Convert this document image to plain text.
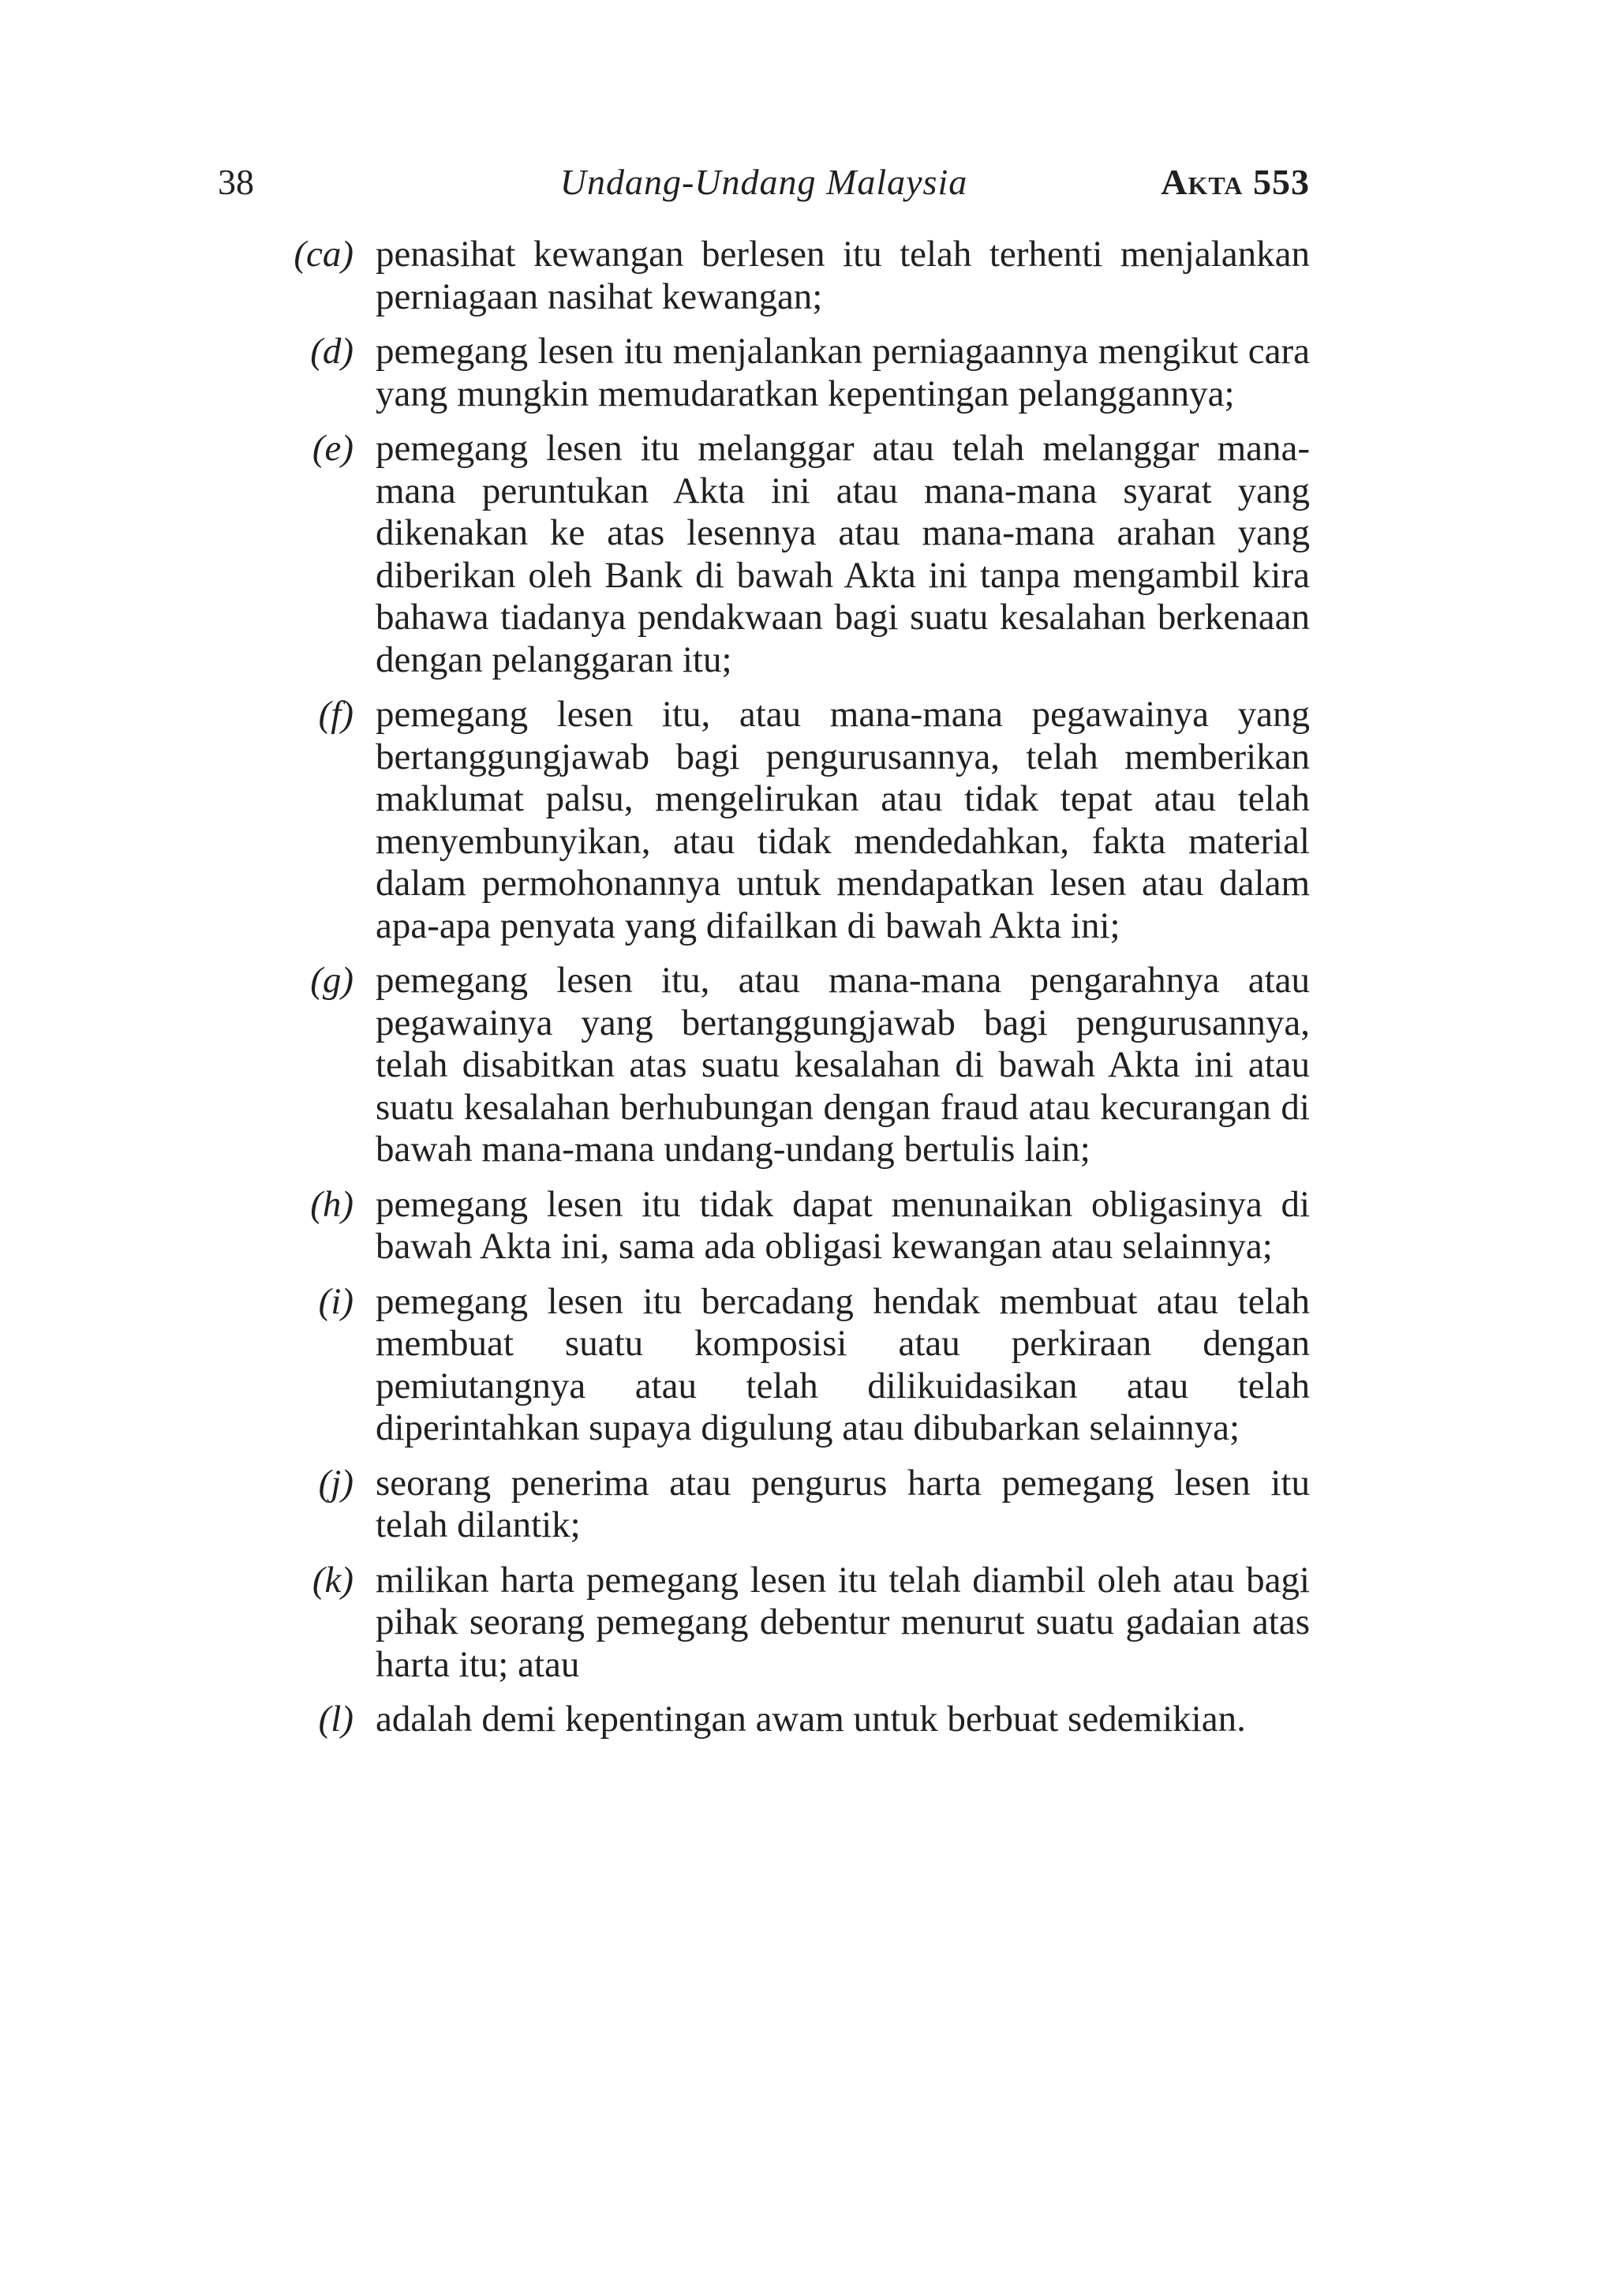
38	Undang-Undang Malaysia	Akta 553
(ca) penasihat kewangan berlesen itu telah terhenti menjalankan perniagaan nasihat kewangan;
(d) pemegang lesen itu menjalankan perniagaannya mengikut cara yang mungkin memudaratkan kepentingan pelanggannya;
(e) pemegang lesen itu melanggar atau telah melanggar mana-mana peruntukan Akta ini atau mana-mana syarat yang dikenakan ke atas lesennya atau mana-mana arahan yang diberikan oleh Bank di bawah Akta ini tanpa mengambil kira bahawa tiadanya pendakwaan bagi suatu kesalahan berkenaan dengan pelanggaran itu;
(f) pemegang lesen itu, atau mana-mana pegawainya yang bertanggungjawab bagi pengurusannya, telah memberikan maklumat palsu, mengelirukan atau tidak tepat atau telah menyembunyikan, atau tidak mendedahkan, fakta material dalam permohonannya untuk mendapatkan lesen atau dalam apa-apa penyata yang difailkan di bawah Akta ini;
(g) pemegang lesen itu, atau mana-mana pengarahnya atau pegawainya yang bertanggungjawab bagi pengurusannya, telah disabitkan atas suatu kesalahan di bawah Akta ini atau suatu kesalahan berhubungan dengan fraud atau kecurangan di bawah mana-mana undang-undang bertulis lain;
(h) pemegang lesen itu tidak dapat menunaikan obligasinya di bawah Akta ini, sama ada obligasi kewangan atau selainnya;
(i) pemegang lesen itu bercadang hendak membuat atau telah membuat suatu komposisi atau perkiraan dengan pemiutangnya atau telah dilikuidasikan atau telah diperintahkan supaya digulung atau dibubarkan selainnya;
(j) seorang penerima atau pengurus harta pemegang lesen itu telah dilantik;
(k) milikan harta pemegang lesen itu telah diambil oleh atau bagi pihak seorang pemegang debentur menurut suatu gadaian atas harta itu; atau
(l) adalah demi kepentingan awam untuk berbuat sedemikian.
